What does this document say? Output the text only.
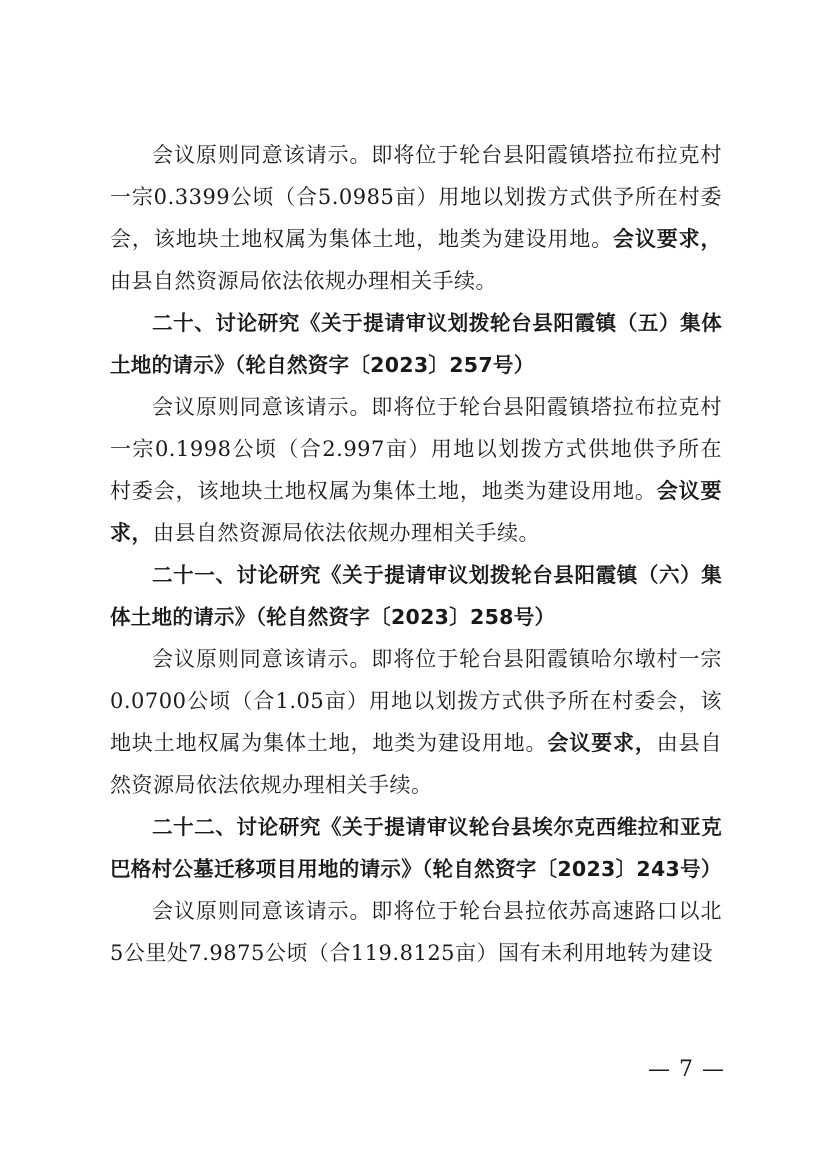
会议原则同意该请示。即将位于轮台县阳霞镇塔拉布拉克村一宗0.3399公顷（合5.0985亩）用地以划拨方式供予所在村委会，该地块土地权属为集体土地，地类为建设用地。会议要求，由县自然资源局依法依规办理相关手续。

二十、讨论研究《关于提请审议划拨轮台县阳霞镇（五）集体土地的请示》（轮自然资字〔2023〕257号）

会议原则同意该请示。即将位于轮台县阳霞镇塔拉布拉克村一宗0.1998公顷（合2.997亩）用地以划拨方式供地供予所在村委会，该地块土地权属为集体土地，地类为建设用地。会议要求，由县自然资源局依法依规办理相关手续。

二十一、讨论研究《关于提请审议划拨轮台县阳霞镇（六）集体土地的请示》（轮自然资字〔2023〕258号）

会议原则同意该请示。即将位于轮台县阳霞镇哈尔墩村一宗0.0700公顷（合1.05亩）用地以划拨方式供予所在村委会，该地块土地权属为集体土地，地类为建设用地。会议要求，由县自然资源局依法依规办理相关手续。

二十二、讨论研究《关于提请审议轮台县埃尔克西维拉和亚克巴格村公墓迁移项目用地的请示》（轮自然资字〔2023〕243号）

会议原则同意该请示。即将位于轮台县拉依苏高速路口以北5公里处7.9875公顷（合119.8125亩）国有未利用地转为建设

— 7 —
